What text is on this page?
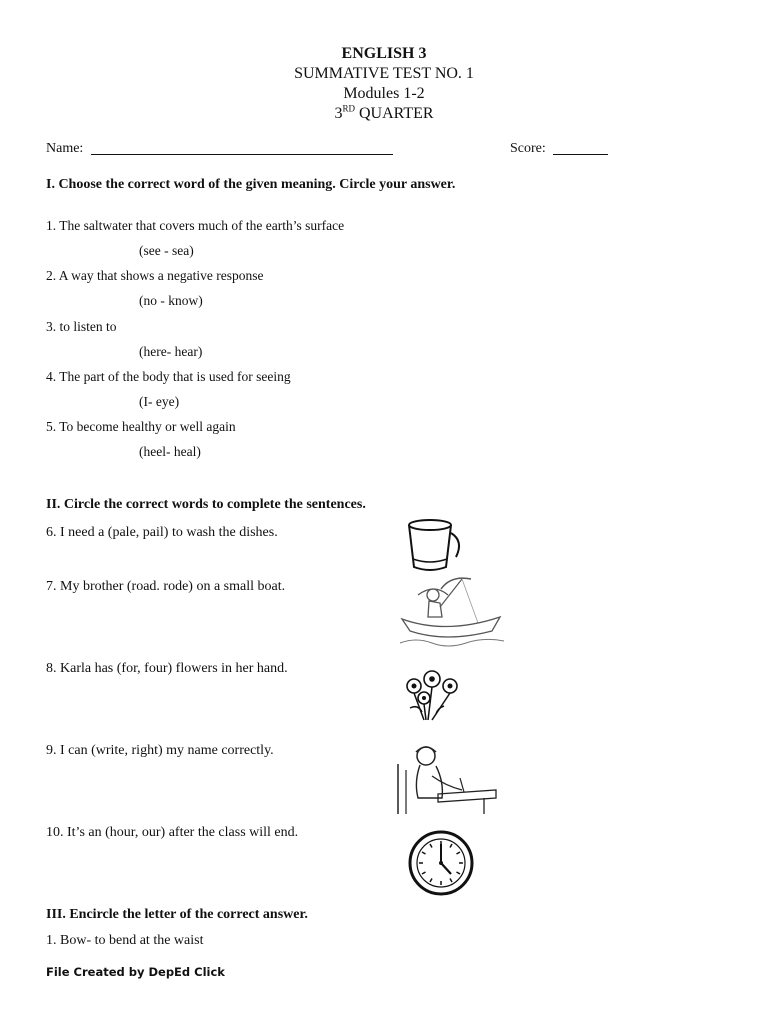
ENGLISH 3
SUMMATIVE TEST NO. 1
Modules 1-2
3RD QUARTER
Name:	Score:
I. Choose the correct word of the given meaning. Circle your answer.
1. The saltwater that covers much of the earth’s surface
(see - sea)
2. A way that shows a negative response
(no - know)
3. to listen to
(here- hear)
4. The part of the body that is used for seeing
(I- eye)
5. To become healthy or well again
(heel- heal)
II. Circle the correct words to complete the sentences.
6. I need a (pale, pail) to wash the dishes.
7. My brother (road. rode) on a small boat.
8. Karla has (for, four) flowers in her hand.
9. I can (write, right) my name correctly.
10. It’s an (hour, our) after the class will end.
III. Encircle the letter of the correct answer.
1. Bow- to bend at the waist
File Created by DepEd Click
